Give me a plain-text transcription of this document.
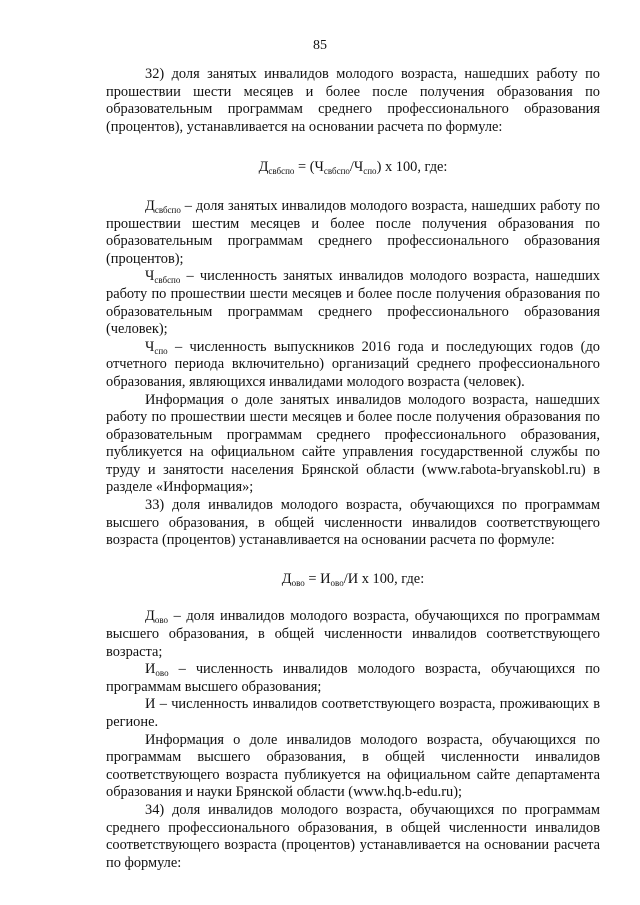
85

32) доля занятых инвалидов молодого возраста, нашедших работу по прошествии шести месяцев и более после получения образования по образовательным программам среднего профессионального образования (процентов), устанавливается на основании расчета по формуле:

$Д_{свбспо} = (Ч_{свбспо}/Ч_{спо})$ х 100, где:

$Д_{свбспо}$ – доля занятых инвалидов молодого возраста, нашедших работу по прошествии шестим месяцев и более после получения образования по образовательным программам среднего профессионального образования (процентов);

$Ч_{свбспо}$ – численность занятых инвалидов молодого возраста, нашедших работу по прошествии шести месяцев и более после получения образования по образовательным программам среднего профессионального образования (человек);

$Ч_{спо}$ – численность выпускников 2016 года и последующих годов (до отчетного периода включительно) организаций среднего профессионального образования, являющихся инвалидами молодого возраста (человек).

Информация о доле занятых инвалидов молодого возраста, нашедших работу по прошествии шести месяцев и более после получения образования по образовательным программам среднего профессионального образования, публикуется на официальном сайте управления государственной службы по труду и занятости населения Брянской области (www.rabota-bryanskobl.ru) в разделе «Информация»;

33) доля инвалидов молодого возраста, обучающихся по программам высшего образования, в общей численности инвалидов соответствующего возраста (процентов) устанавливается на основании расчета по формуле:

$Д_{ово} = И_{ово}/И$ х 100, где:

$Д_{ово}$ – доля инвалидов молодого возраста, обучающихся по программам высшего образования, в общей численности инвалидов соответствующего возраста;

$И_{ово}$ – численность инвалидов молодого возраста, обучающихся по программам высшего образования;

И – численность инвалидов соответствующего возраста, проживающих в регионе.

Информация о доле инвалидов молодого возраста, обучающихся по программам высшего образования, в общей численности инвалидов соответствующего возраста публикуется на официальном сайте департамента образования и науки Брянской области (www.hq.b-edu.ru);

34) доля инвалидов молодого возраста, обучающихся по программам среднего профессионального образования, в общей численности инвалидов соответствующего возраста (процентов) устанавливается на основании расчета по формуле:
